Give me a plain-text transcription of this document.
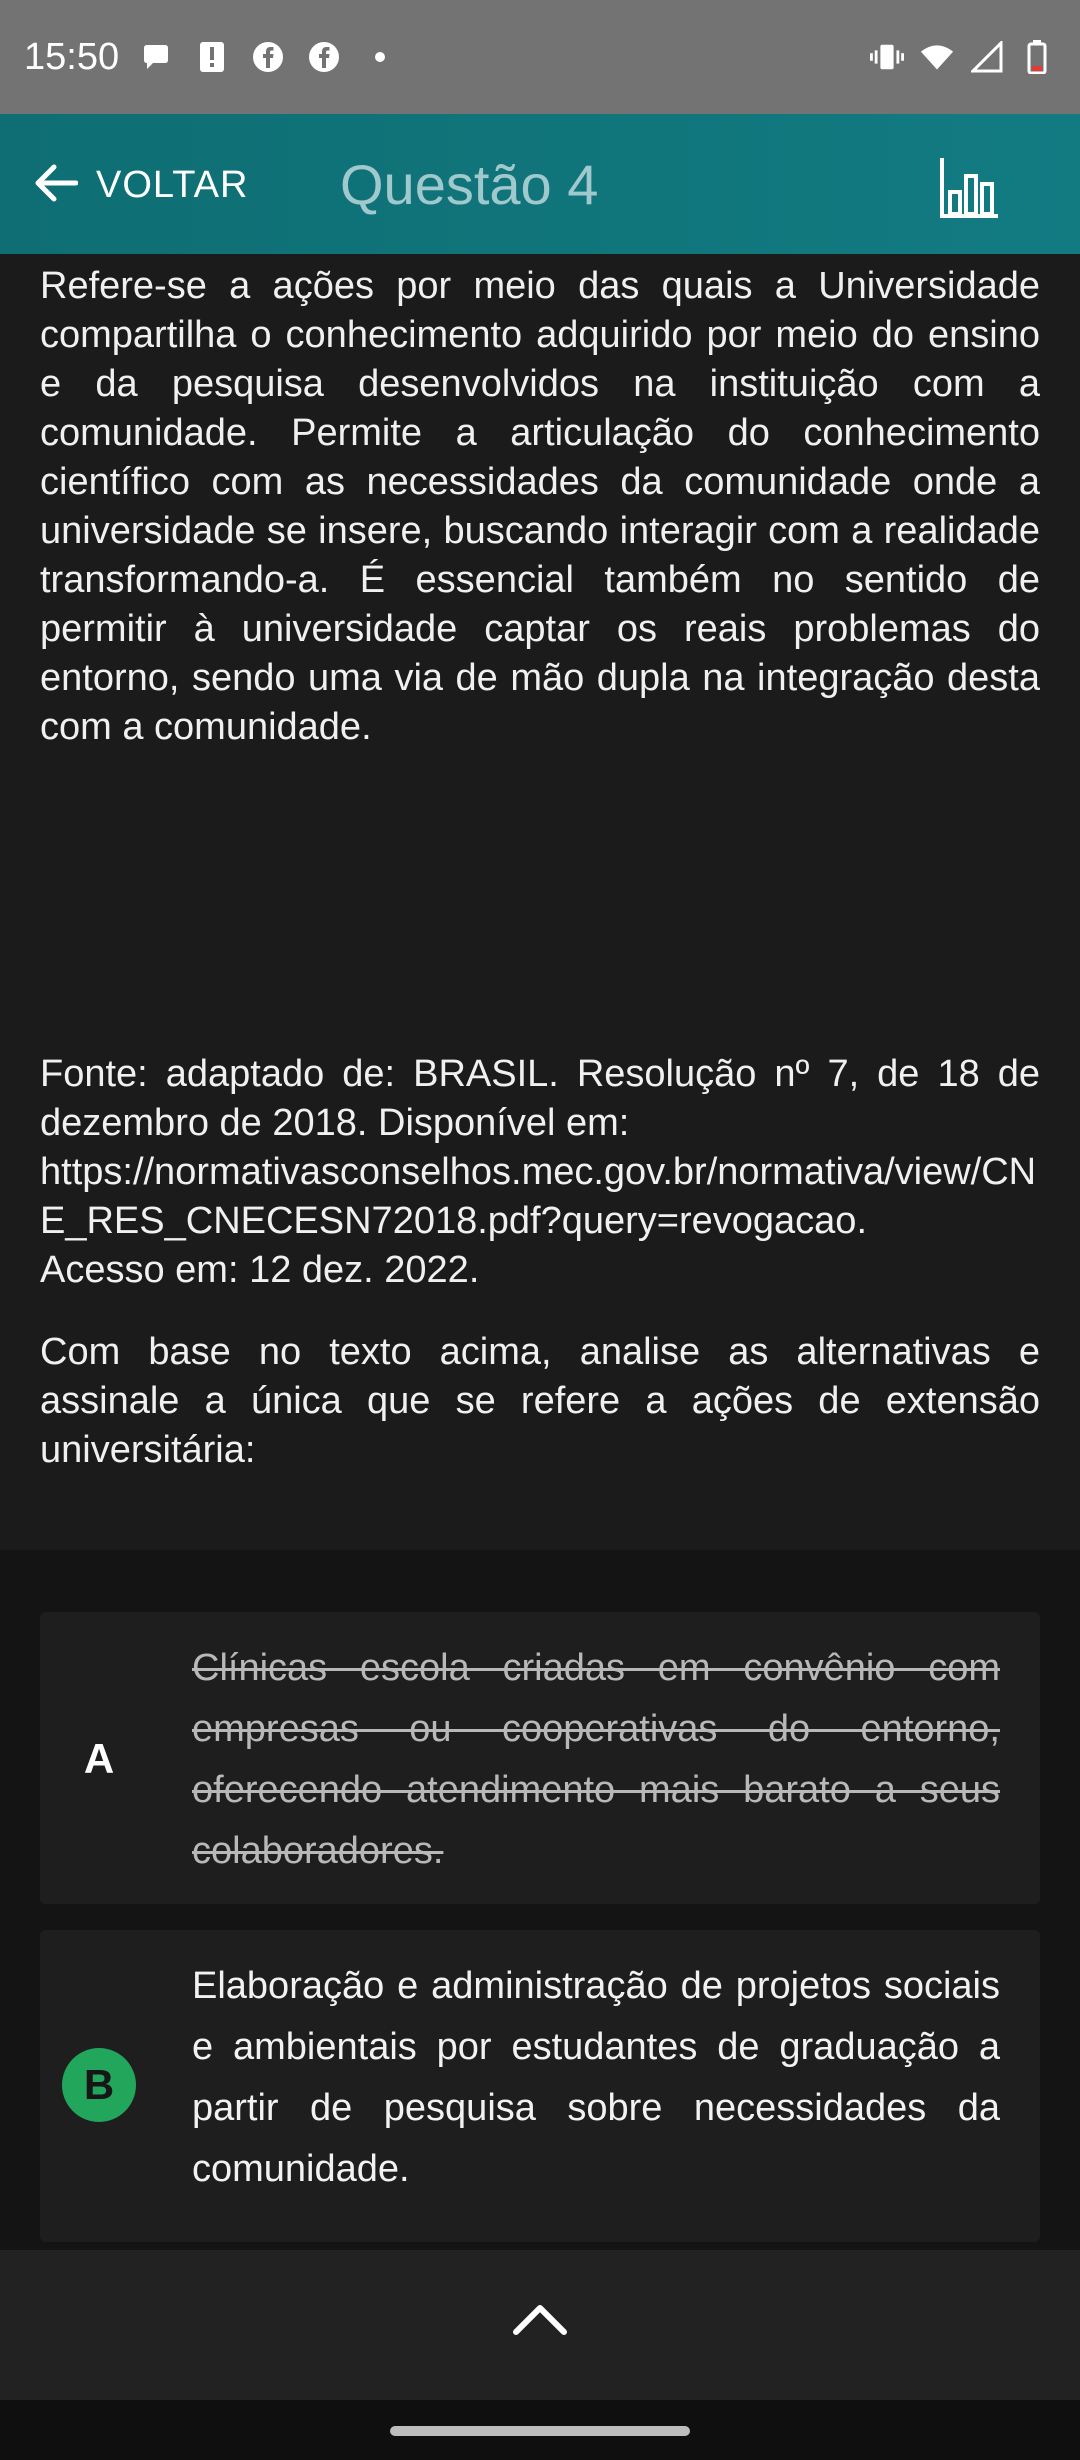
15:50
VOLTAR Questão 4

Refere-se a ações por meio das quais a Universidade compartilha o conhecimento adquirido por meio do ensino e da pesquisa desenvolvidos na instituição com a comunidade. Permite a articulação do conhecimento científico com as necessidades da comunidade onde a universidade se insere, buscando interagir com a realidade transformando-a. É essencial também no sentido de permitir à universidade captar os reais problemas do entorno, sendo uma via de mão dupla na integração desta com a comunidade.

Fonte: adaptado de: BRASIL. Resolução nº 7, de 18 de dezembro de 2018. Disponível em:
https://normativasconselhos.mec.gov.br/normativa/view/CNE_RES_CNECESN72018.pdf?query=revogacao.
Acesso em: 12 dez. 2022.

Com base no texto acima, analise as alternativas e assinale a única que se refere a ações de extensão universitária:

A
Clínicas escola criadas em convênio com empresas ou cooperativas do entorno, oferecendo atendimento mais barato a seus colaboradores.
B
Elaboração e administração de projetos sociais e ambientais por estudantes de graduação a partir de pesquisa sobre necessidades da comunidade.
